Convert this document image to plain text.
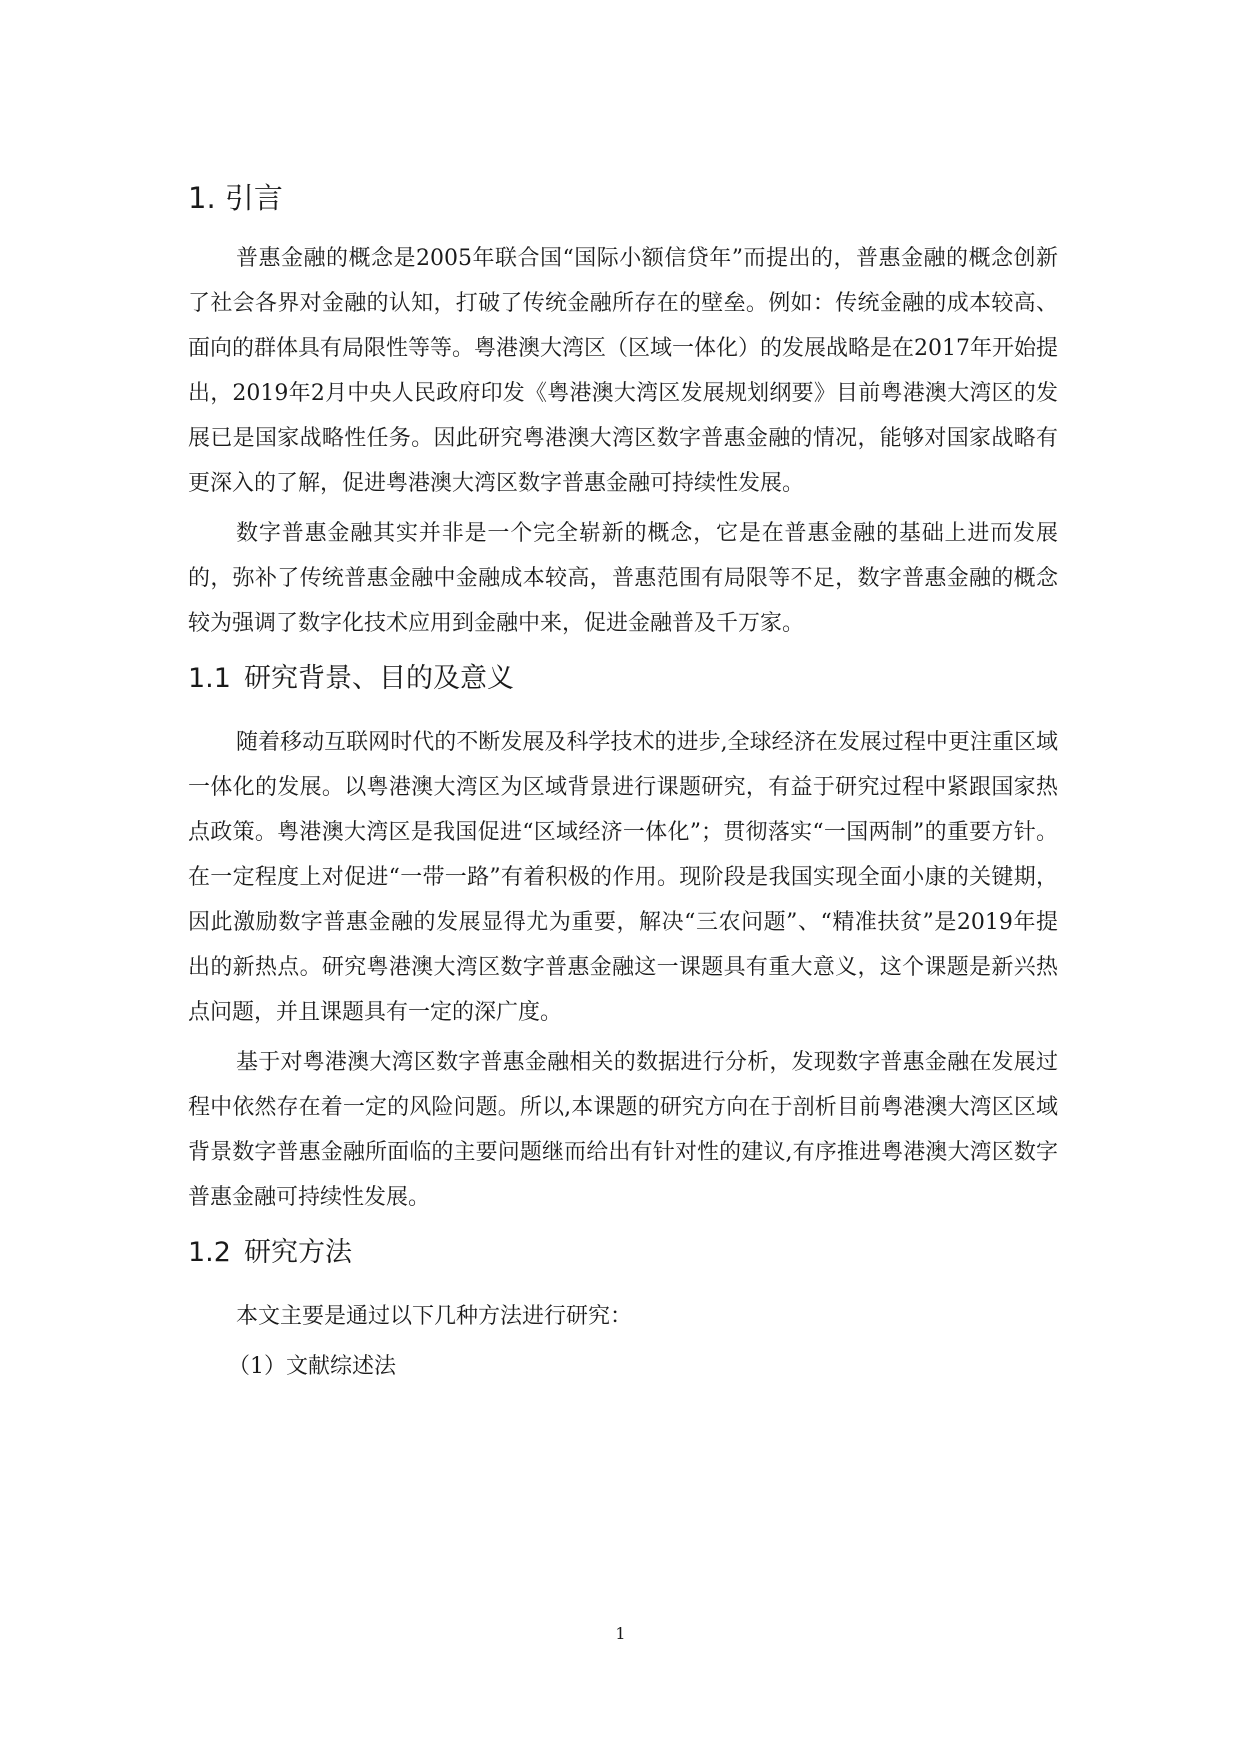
1. 引言
普惠金融的概念是2005年联合国“国际小额信贷年”而提出的，普惠金融的概念创新了社会各界对金融的认知，打破了传统金融所存在的壁垒。例如：传统金融的成本较高、面向的群体具有局限性等等。粤港澳大湾区（区域一体化）的发展战略是在2017年开始提出，2019年2月中央人民政府印发《粤港澳大湾区发展规划纲要》目前粤港澳大湾区的发展已是国家战略性任务。因此研究粤港澳大湾区数字普惠金融的情况，能够对国家战略有更深入的了解，促进粤港澳大湾区数字普惠金融可持续性发展。
数字普惠金融其实并非是一个完全崭新的概念，它是在普惠金融的基础上进而发展的，弥补了传统普惠金融中金融成本较高，普惠范围有局限等不足，数字普惠金融的概念较为强调了数字化技术应用到金融中来，促进金融普及千万家。
1.1 研究背景、目的及意义
随着移动互联网时代的不断发展及科学技术的进步,全球经济在发展过程中更注重区域一体化的发展。以粤港澳大湾区为区域背景进行课题研究，有益于研究过程中紧跟国家热点政策。粤港澳大湾区是我国促进“区域经济一体化”；贯彻落实“一国两制”的重要方针。在一定程度上对促进“一带一路”有着积极的作用。现阶段是我国实现全面小康的关键期，因此激励数字普惠金融的发展显得尤为重要，解决“三农问题”、“精准扶贫”是2019年提出的新热点。研究粤港澳大湾区数字普惠金融这一课题具有重大意义，这个课题是新兴热点问题，并且课题具有一定的深广度。
基于对粤港澳大湾区数字普惠金融相关的数据进行分析，发现数字普惠金融在发展过程中依然存在着一定的风险问题。所以,本课题的研究方向在于剖析目前粤港澳大湾区区域背景数字普惠金融所面临的主要问题继而给出有针对性的建议,有序推进粤港澳大湾区数字普惠金融可持续性发展。
1.2 研究方法
本文主要是通过以下几种方法进行研究：
（1）文献综述法
1
